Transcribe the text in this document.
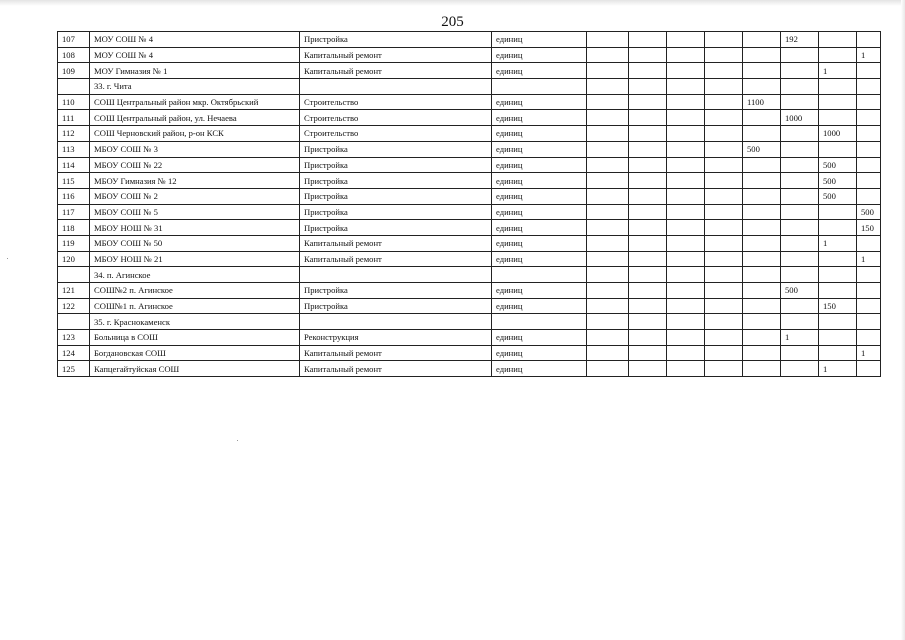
205
107	МОУ СОШ № 4	Пристройка	единиц						192		
108	МОУ СОШ № 4	Капитальный ремонт	единиц								1
109	МОУ Гимназия № 1	Капитальный ремонт	единиц							1	
	33. г. Чита										
110	СОШ Центральный район мкр. Октябрьский	Строительство	единиц					1100			
111	СОШ Центральный район, ул. Нечаева	Строительство	единиц						1000		
112	СОШ Черновский район, р-он КСК	Строительство	единиц							1000	
113	МБОУ СОШ № 3	Пристройка	единиц					500			
114	МБОУ СОШ № 22	Пристройка	единиц							500	
115	МБОУ Гимназия № 12	Пристройка	единиц							500	
116	МБОУ СОШ № 2	Пристройка	единиц							500	
117	МБОУ СОШ № 5	Пристройка	единиц								500
118	МБОУ НОШ № 31	Пристройка	единиц								150
119	МБОУ СОШ № 50	Капитальный ремонт	единиц							1	
120	МБОУ НОШ № 21	Капитальный ремонт	единиц								1
	34. п. Агинское										
121	СОШ№2 п. Агинское	Пристройка	единиц						500		
122	СОШ№1 п. Агинское	Пристройка	единиц							150	
	35. г. Краснокаменск										
123	Больница в СОШ	Реконструкция	единиц						1		
124	Богдановская СОШ	Капитальный ремонт	единиц								1
125	Капцегайтуйская СОШ	Капитальный ремонт	единиц							1	
